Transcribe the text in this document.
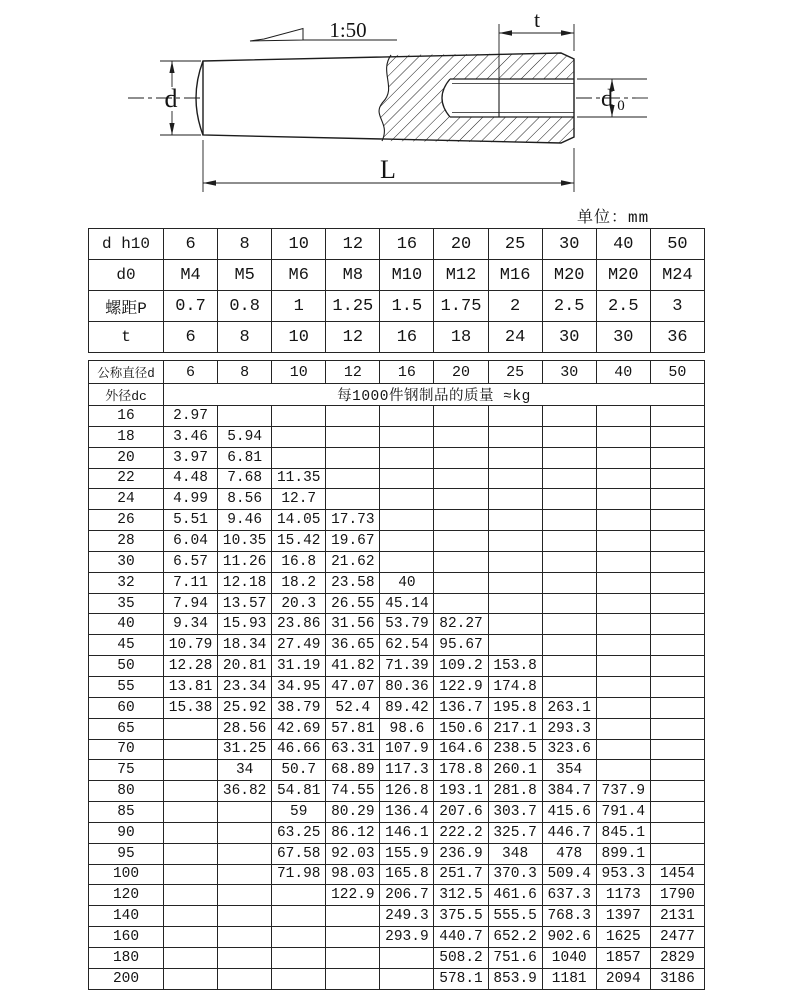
d
L
t
d 0
1:50
单位：mm
d h10	6	8	10	12	16	20	25	30	40	50
d0	M4	M5	M6	M8	M10	M12	M16	M20	M20	M24
螺距P	0.7	0.8	1	1.25	1.5	1.75	2	2.5	2.5	3
t	6	8	10	12	16	18	24	30	30	36
公称直径d	6	8	10	12	16	20	25	30	40	50
外径dc	每1000件钢制品的质量 ≈kg									
16	2.97									
18	3.46	5.94								
20	3.97	6.81								
22	4.48	7.68	11.35							
24	4.99	8.56	12.7							
26	5.51	9.46	14.05	17.73						
28	6.04	10.35	15.42	19.67						
30	6.57	11.26	16.8	21.62						
32	7.11	12.18	18.2	23.58	40					
35	7.94	13.57	20.3	26.55	45.14					
40	9.34	15.93	23.86	31.56	53.79	82.27				
45	10.79	18.34	27.49	36.65	62.54	95.67				
50	12.28	20.81	31.19	41.82	71.39	109.2	153.8			
55	13.81	23.34	34.95	47.07	80.36	122.9	174.8			
60	15.38	25.92	38.79	52.4	89.42	136.7	195.8	263.1		
65		28.56	42.69	57.81	98.6	150.6	217.1	293.3		
70		31.25	46.66	63.31	107.9	164.6	238.5	323.6		
75		34	50.7	68.89	117.3	178.8	260.1	354		
80		36.82	54.81	74.55	126.8	193.1	281.8	384.7	737.9	
85			59	80.29	136.4	207.6	303.7	415.6	791.4	
90			63.25	86.12	146.1	222.2	325.7	446.7	845.1	
95			67.58	92.03	155.9	236.9	348	478	899.1	
100			71.98	98.03	165.8	251.7	370.3	509.4	953.3	1454
120				122.9	206.7	312.5	461.6	637.3	1173	1790
140					249.3	375.5	555.5	768.3	1397	2131
160					293.9	440.7	652.2	902.6	1625	2477
180						508.2	751.6	1040	1857	2829
200						578.1	853.9	1181	2094	3186
